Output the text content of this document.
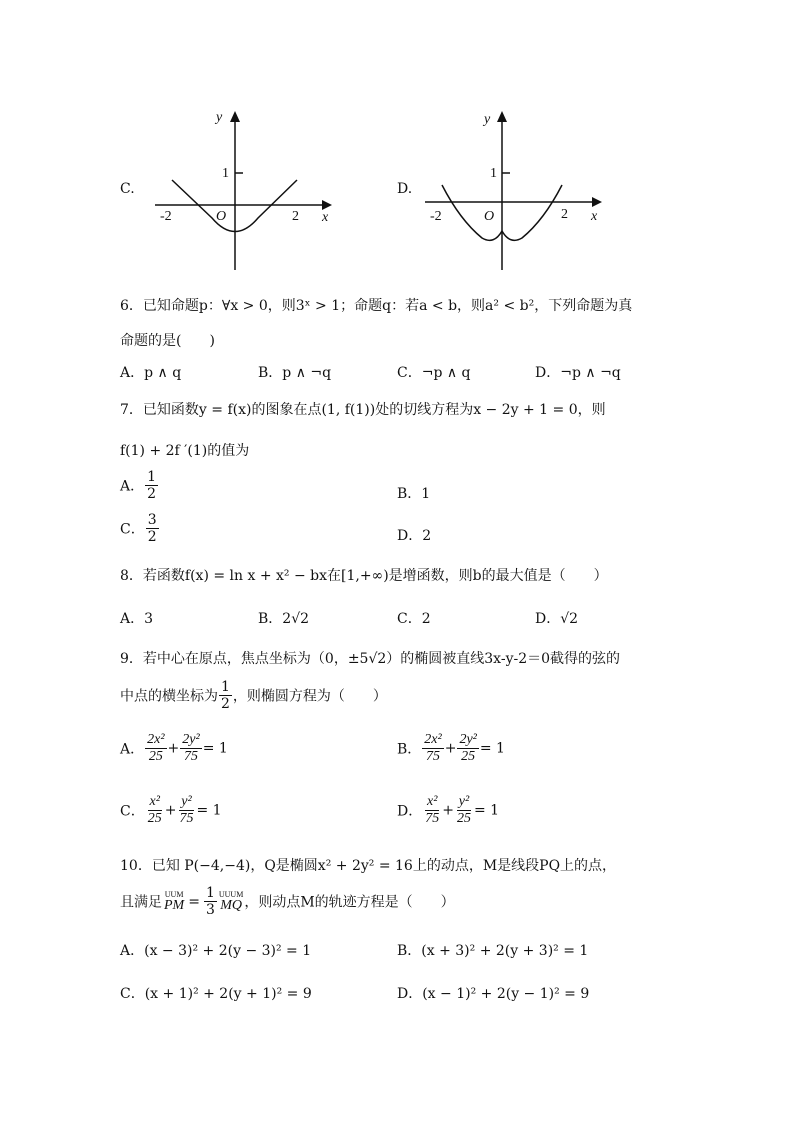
C.
y
1
-2	O	2 x
D.
y
1
-2	O	2 x
6．已知命题p：∀x > 0，则3ˣ > 1；命题q：若a < b，则a² < b²，下列命题为真
命题的是(　　)
A．p ∧ q	B．p ∧ ¬q	C．¬p ∧ q	D．¬p ∧ ¬q
7．已知函数y = f(x)的图象在点(1, f(1))处的切线方程为x − 2y + 1 = 0，则
f(1) + 2f ′(1)的值为
A． $\frac{1}{2}$	B．1
C． $\frac{3}{2}$	D．2
8．若函数f(x) = ln x + x² − bx在[1,+∞)是增函数，则b的最大值是（　　）
A．3	B．2√2	C．2	D．√2
9．若中心在原点，焦点坐标为（0，±5√2）的椭圆被直线3x-y-2＝0截得的弦的
中点的横坐标为 $\frac{1}{2}$ ，则椭圆方程为（　　）
A． $\frac{\text{2x²}}{25} + \frac{\text{2y²}}{75} = 1$	B． $\frac{\text{2x²}}{75} + \frac{\text{2y²}}{25} = 1$
C． $\frac{\text{x²}}{25} + \frac{\text{y²}}{75} = 1$	D． $\frac{\text{x²}}{75} + \frac{\text{y²}}{25} = 1$
10．已知 P(−4,−4)，Q是椭圆x² + 2y² = 16上的动点，M是线段PQ上的点，
且满足
UUM
PM = $\frac{1}{3}$ UUUM
MQ ，则动点M的轨迹方程是（　　）
A．(x − 3)² + 2(y − 3)² = 1	B．(x + 3)² + 2(y + 3)² = 1
C．(x + 1)² + 2(y + 1)² = 9	D．(x − 1)² + 2(y − 1)² = 9
